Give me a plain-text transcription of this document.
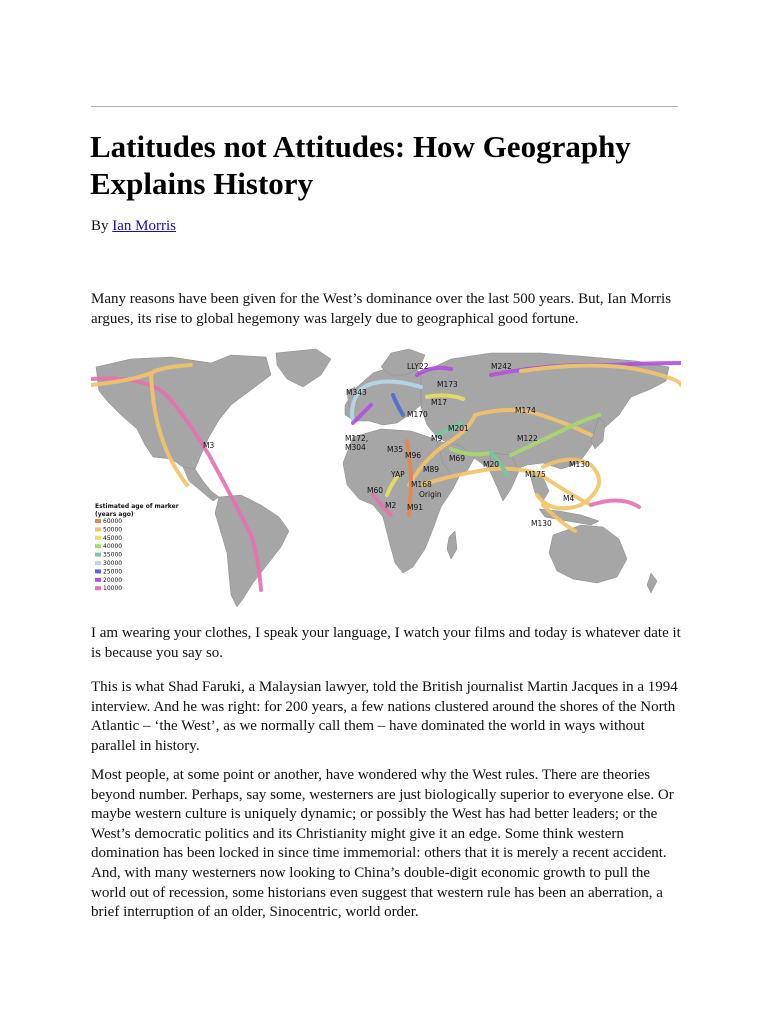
Latitudes not Attitudes: How Geography Explains History
By Ian Morris

Many reasons have been given for the West’s dominance over the last 500 years. But, Ian Morris argues, its rise to global hegemony was largely due to geographical good fortune.

LLY22	M242
M343
M173
M17
M170	M174
M3
M201
M122
M172,
M304	M35
M9
M96	M69
M20
M89
M175
M130
YAP
M168
M60	Origin	M4
M2 M91
M130
Estimated age of marker
(years ago)
60000
50000
45000
40000
35000
30000
25000
20000
10000

I am wearing your clothes, I speak your language, I watch your films and today is whatever date it is because you say so.

This is what Shad Faruki, a Malaysian lawyer, told the British journalist Martin Jacques in a 1994 interview. And he was right: for 200 years, a few nations clustered around the shores of the North Atlantic – ‘the West’, as we normally call them – have dominated the world in ways without parallel in history.

Most people, at some point or another, have wondered why the West rules. There are theories beyond number. Perhaps, say some, westerners are just biologically superior to everyone else. Or maybe western culture is uniquely dynamic; or possibly the West has had better leaders; or the West’s democratic politics and its Christianity might give it an edge. Some think western domination has been locked in since time immemorial: others that it is merely a recent accident. And, with many westerners now looking to China’s double-digit economic growth to pull the world out of recession, some historians even suggest that western rule has been an aberration, a brief interruption of an older, Sinocentric, world order.
